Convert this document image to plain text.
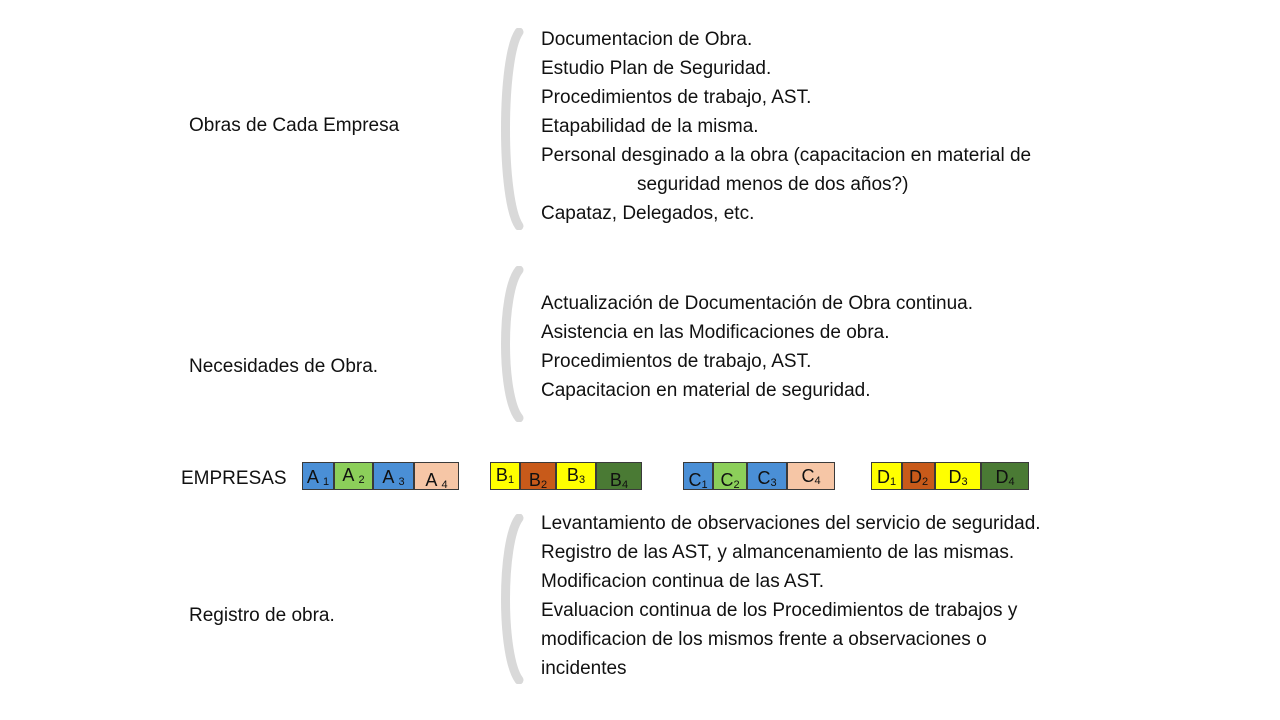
Obras de Cada Empresa
Documentacion de Obra.
Estudio Plan de Seguridad.
Procedimientos de trabajo, AST.
Etapabilidad de la misma.
Personal desginado a la obra (capacitacion en material de
seguridad menos de dos años?)
Capataz, Delegados, etc.
Necesidades de Obra.
Actualización de Documentación de Obra continua.
Asistencia en las Modificaciones de obra.
Procedimientos de trabajo, AST.
Capacitacion en material de seguridad.
EMPRESAS A 1 A 2 A 3	A 4	B1 B2	B3	B4	C1 C2 C3	C4	D1 D2	D3	D4
Registro de obra.
Levantamiento de observaciones del servicio de seguridad.
Registro de las AST, y almancenamiento de las mismas.
Modificacion continua de las AST.
Evaluacion continua de los Procedimientos de trabajos y
modificacion de los mismos frente a observaciones o
incidentes
